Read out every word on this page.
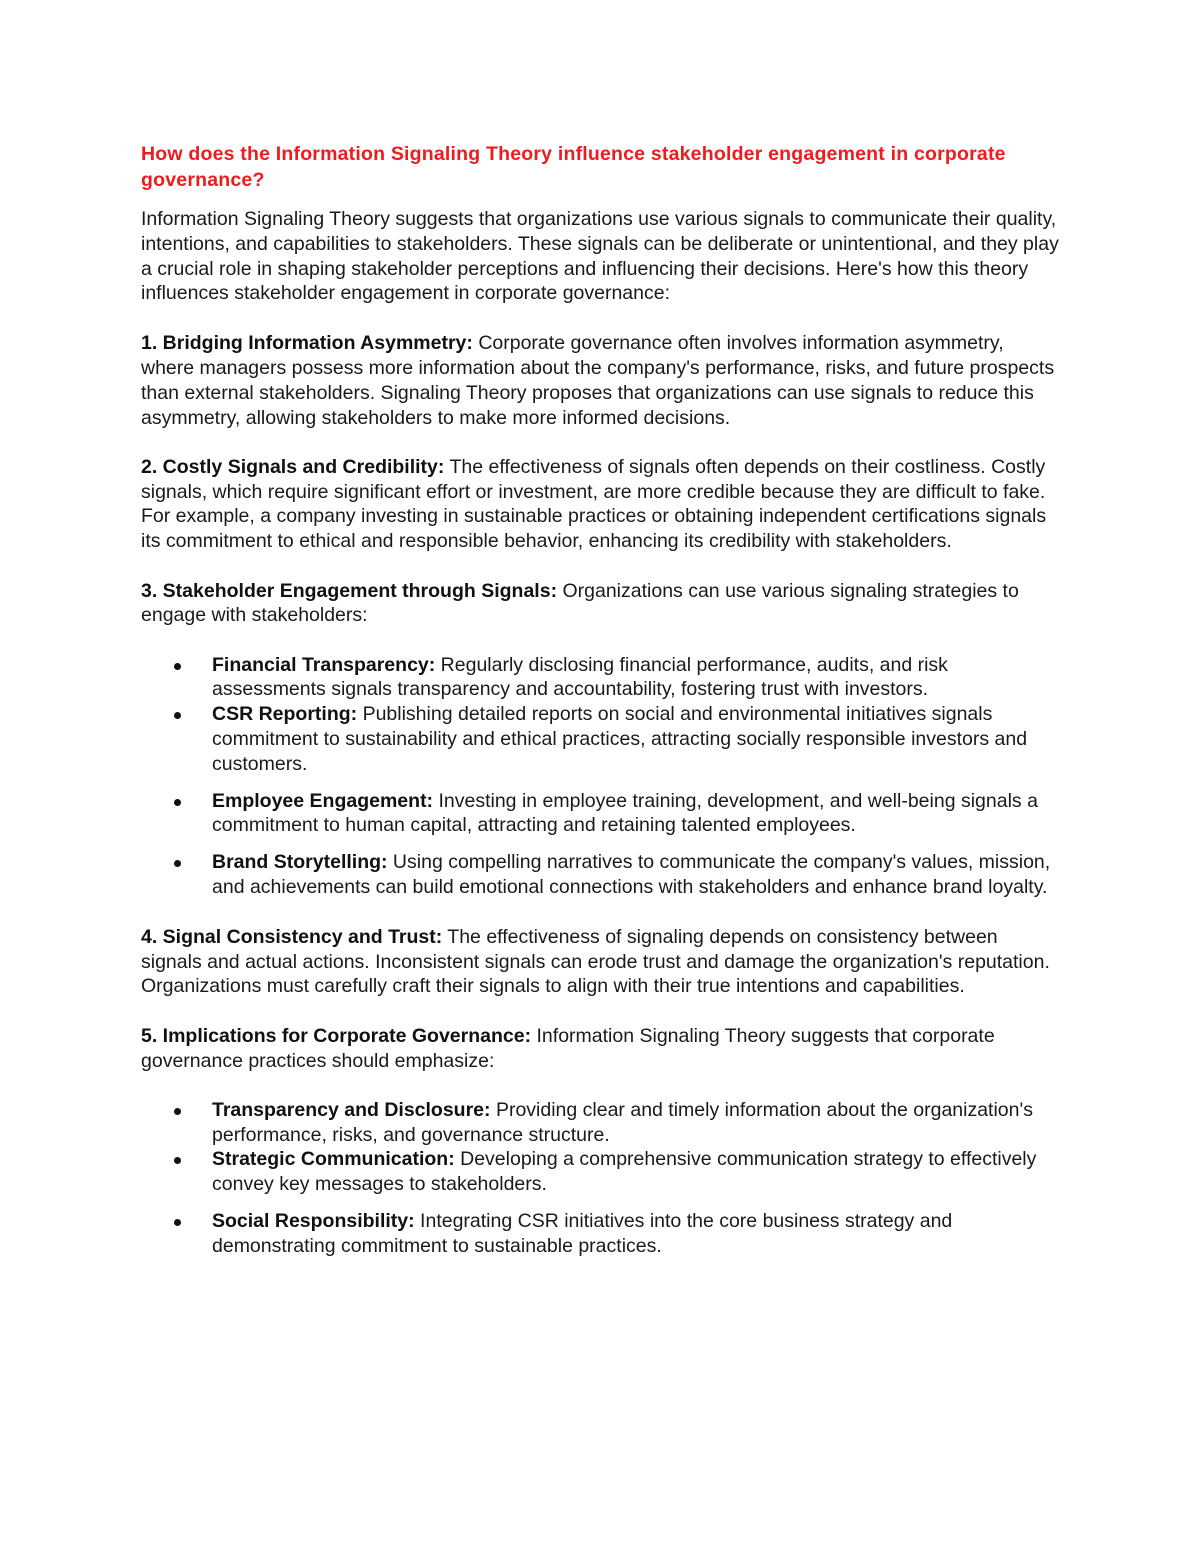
How does the Information Signaling Theory influence stakeholder engagement in corporate governance?

Information Signaling Theory suggests that organizations use various signals to communicate their quality, intentions, and capabilities to stakeholders. These signals can be deliberate or unintentional, and they play a crucial role in shaping stakeholder perceptions and influencing their decisions. Here's how this theory influences stakeholder engagement in corporate governance:

1. Bridging Information Asymmetry: Corporate governance often involves information asymmetry, where managers possess more information about the company's performance, risks, and future prospects than external stakeholders. Signaling Theory proposes that organizations can use signals to reduce this asymmetry, allowing stakeholders to make more informed decisions.

2. Costly Signals and Credibility: The effectiveness of signals often depends on their costliness. Costly signals, which require significant effort or investment, are more credible because they are difficult to fake. For example, a company investing in sustainable practices or obtaining independent certifications signals its commitment to ethical and responsible behavior, enhancing its credibility with stakeholders.

3. Stakeholder Engagement through Signals: Organizations can use various signaling strategies to engage with stakeholders:

Financial Transparency: Regularly disclosing financial performance, audits, and risk assessments signals transparency and accountability, fostering trust with investors.
CSR Reporting: Publishing detailed reports on social and environmental initiatives signals commitment to sustainability and ethical practices, attracting socially responsible investors and customers.
Employee Engagement: Investing in employee training, development, and well-being signals a commitment to human capital, attracting and retaining talented employees.
Brand Storytelling: Using compelling narratives to communicate the company's values, mission, and achievements can build emotional connections with stakeholders and enhance brand loyalty.

4. Signal Consistency and Trust: The effectiveness of signaling depends on consistency between signals and actual actions. Inconsistent signals can erode trust and damage the organization's reputation. Organizations must carefully craft their signals to align with their true intentions and capabilities.

5. Implications for Corporate Governance: Information Signaling Theory suggests that corporate governance practices should emphasize:

Transparency and Disclosure: Providing clear and timely information about the organization's performance, risks, and governance structure.
Strategic Communication: Developing a comprehensive communication strategy to effectively convey key messages to stakeholders.
Social Responsibility: Integrating CSR initiatives into the core business strategy and demonstrating commitment to sustainable practices.
